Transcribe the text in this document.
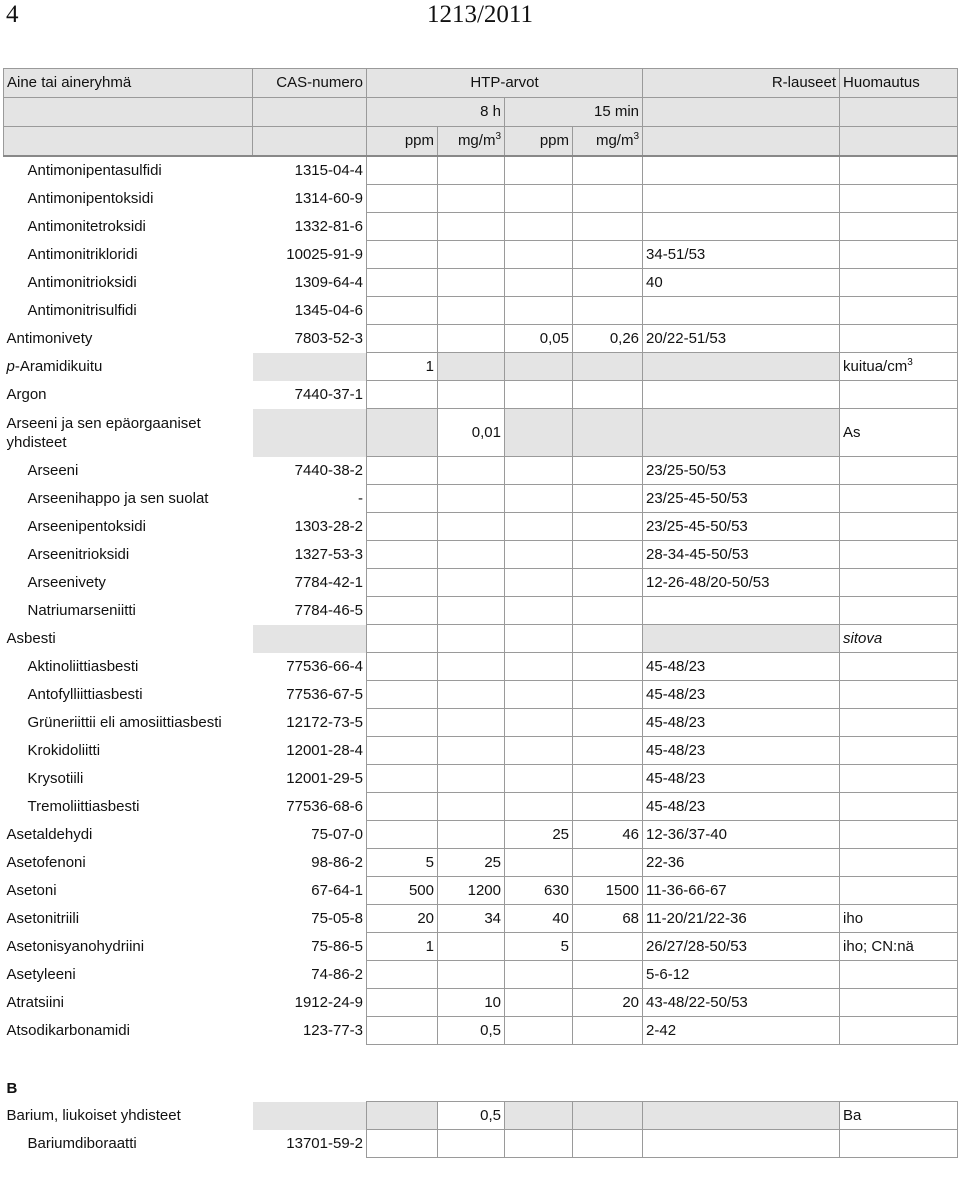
4	1213/2011
Aine tai aineryhmä	CAS-numero	HTP-arvot				R-lauseet	Huomautus
		8 h		15 min			
		ppm	$mg/m^3$	ppm	$mg/m^3$		
Antimonipentasulfidi	1315-04-4						
Antimonipentoksidi	1314-60-9						
Antimonitetroksidi	1332-81-6						
Antimonitrikloridi	10025-91-9					34-51/53	
Antimonitrioksidi	1309-64-4					40	
Antimonitrisulfidi	1345-04-6						
Antimonivety	7803-52-3			0,05	0,26	20/22-51/53	
p-Aramidikuitu		1					kuitua/$cm^3$
Argon	7440-37-1						
Arseeni ja sen epäorgaaniset yhdisteet			0,01				As
Arseeni	7440-38-2					23/25-50/53	
Arseenihappo ja sen suolat	-					23/25-45-50/53	
Arseenipentoksidi	1303-28-2					23/25-45-50/53	
Arseenitrioksidi	1327-53-3					28-34-45-50/53	
Arseenivety	7784-42-1					12-26-48/20-50/53	
Natriumarseniitti	7784-46-5						
Asbesti							sitova
Aktinoliittiasbesti	77536-66-4					45-48/23	
Antofylliittiasbesti	77536-67-5					45-48/23	
Grüneriittii eli amosiittiasbesti	12172-73-5					45-48/23	
Krokidoliitti	12001-28-4					45-48/23	
Krysotiili	12001-29-5					45-48/23	
Tremoliittiasbesti	77536-68-6					45-48/23	
Asetaldehydi	75-07-0			25	46	12-36/37-40	
Asetofenoni	98-86-2	5	25			22-36	
Asetoni	67-64-1	500	1200	630	1500	11-36-66-67	
Asetonitriili	75-05-8	20	34	40	68	11-20/21/22-36	iho
Asetonisyanohydriini	75-86-5	1		5		26/27/28-50/53	iho; CN:nä
Asetyleeni	74-86-2					5-6-12	
Atratsiini	1912-24-9		10		20	43-48/22-50/53	
Atsodikarbonamidi	123-77-3		0,5			2-42	
B							
Barium, liukoiset yhdisteet			0,5				Ba
Bariumdiboraatti	13701-59-2						
